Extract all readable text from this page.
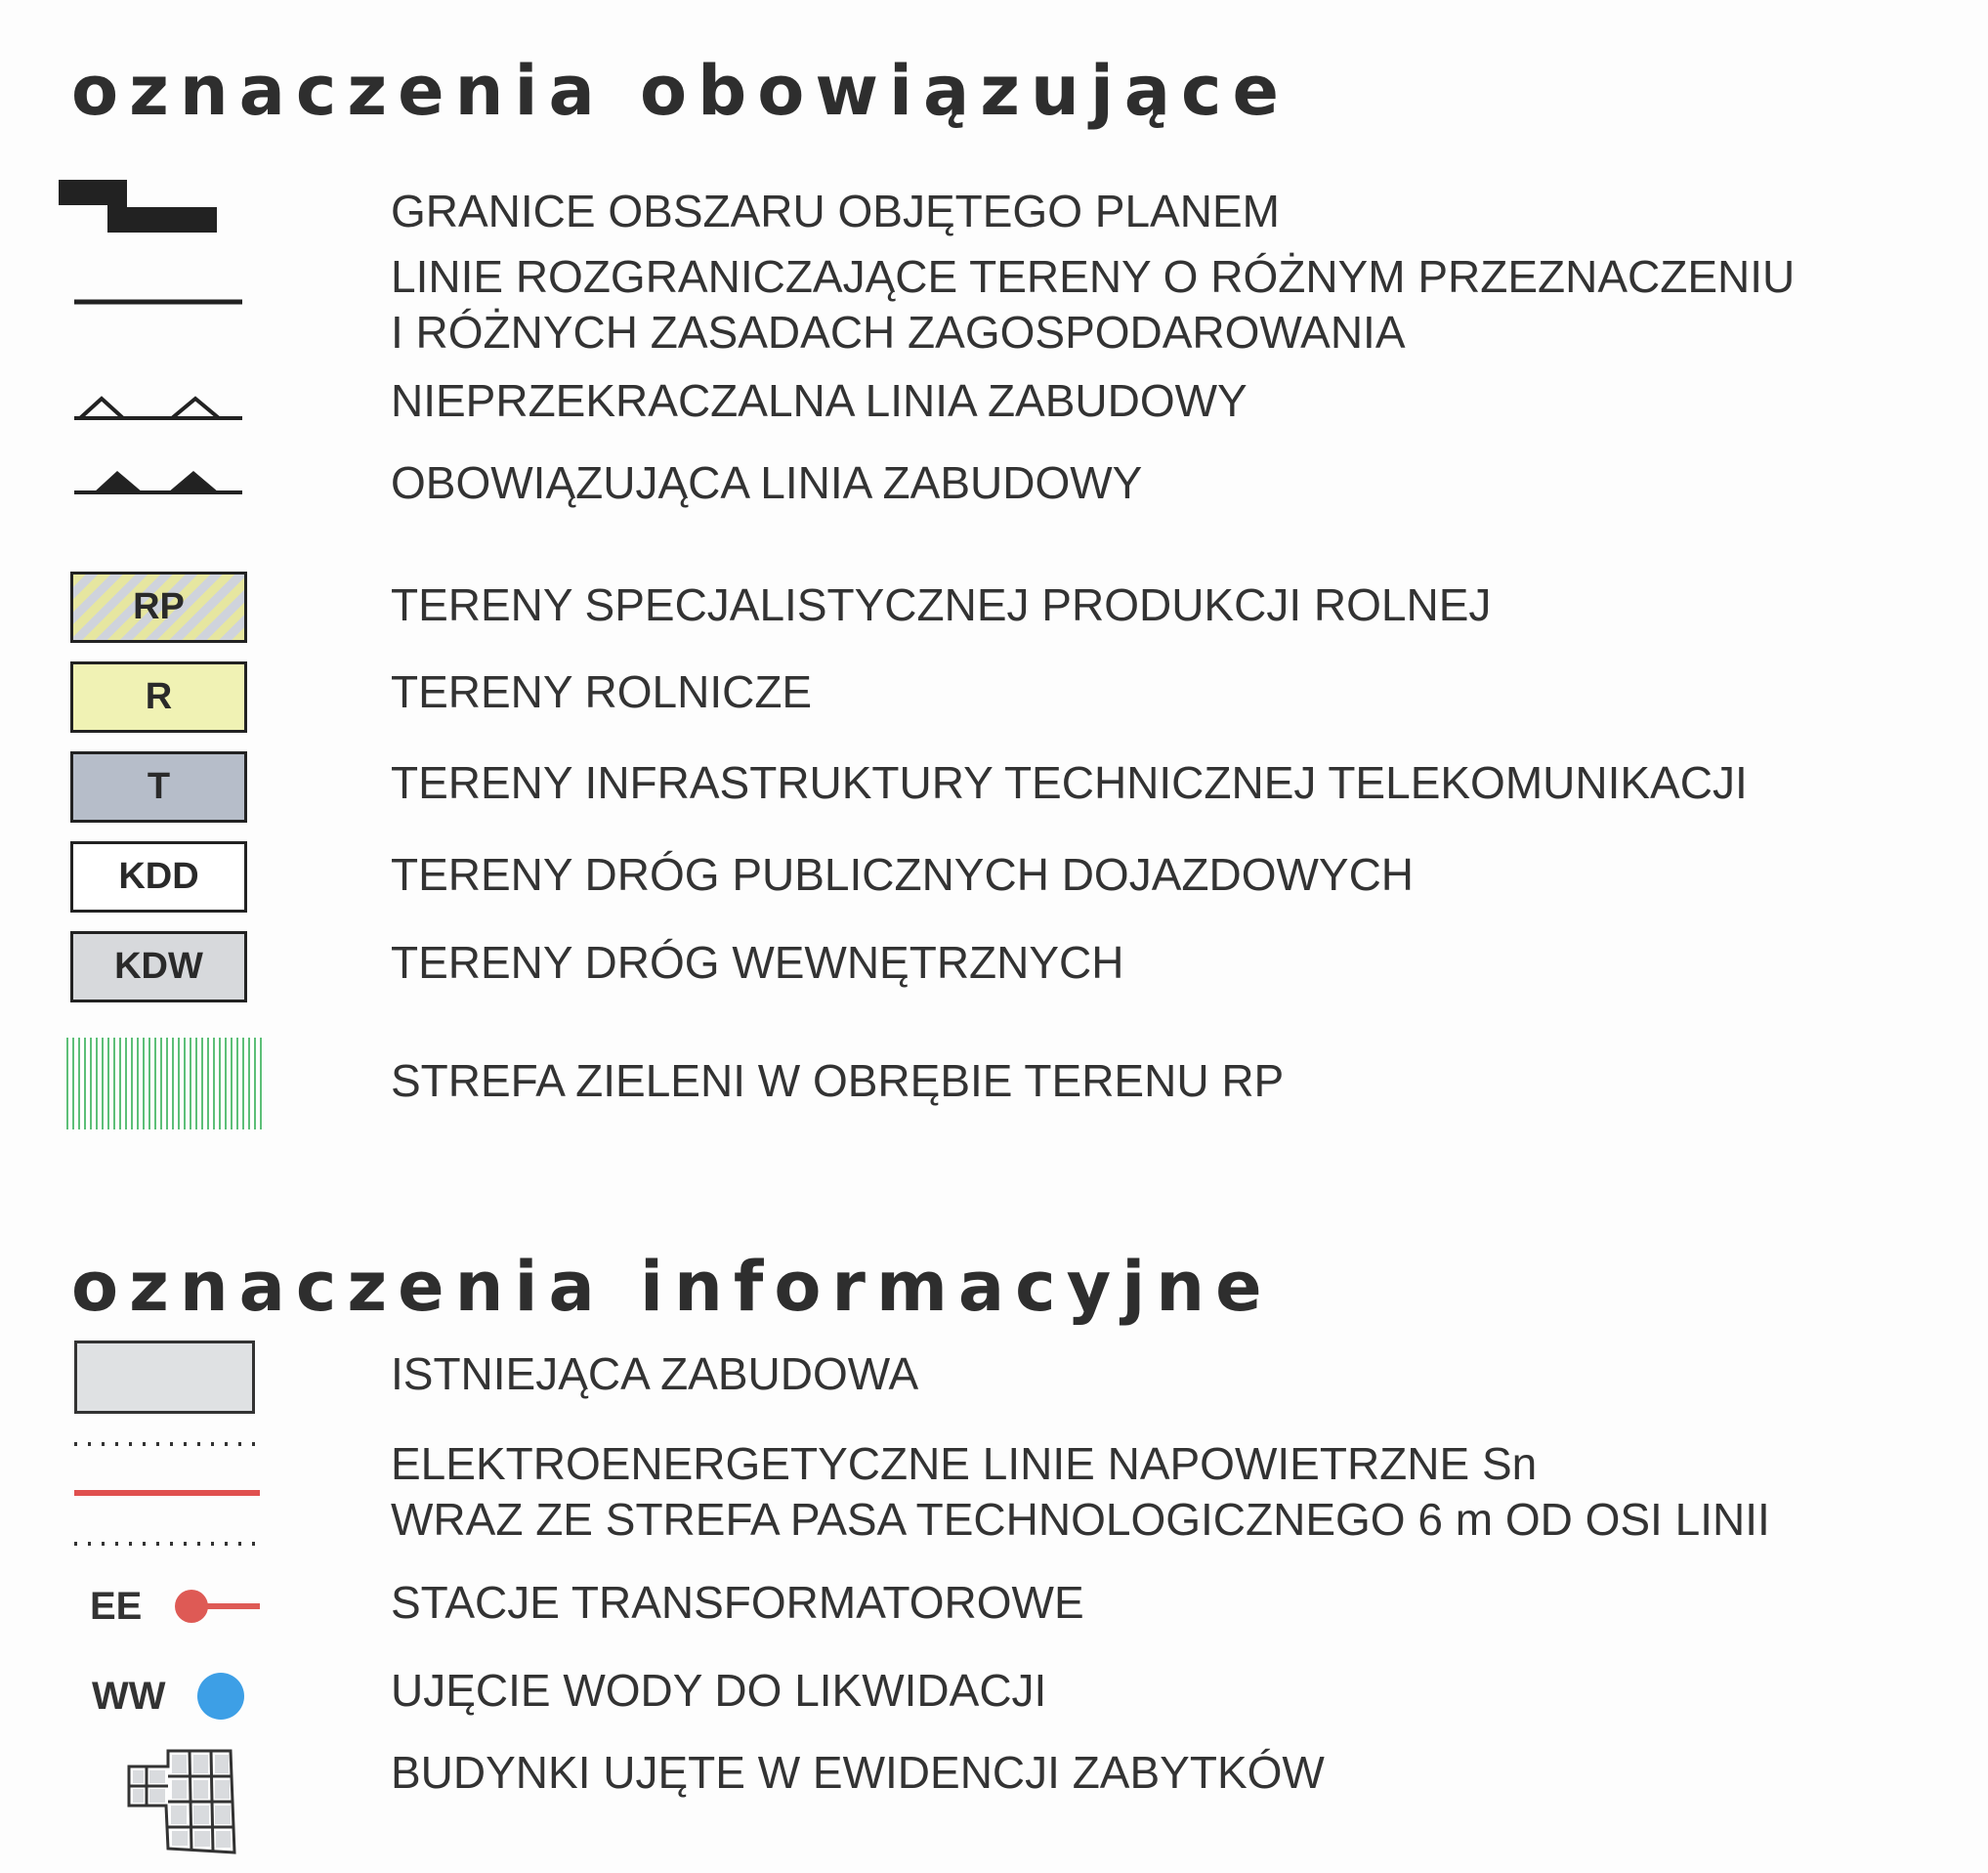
oznaczenia obowiązujące
GRANICE OBSZARU OBJĘTEGO PLANEM
LINIE ROZGRANICZAJĄCE TERENY O RÓŻNYM PRZEZNACZENIU
I RÓŻNYCH ZASADACH ZAGOSPODAROWANIA
NIEPRZEKRACZALNA LINIA ZABUDOWY
OBOWIĄZUJĄCA LINIA ZABUDOWY
RP	TERENY SPECJALISTYCZNEJ PRODUKCJI ROLNEJ
R	TERENY ROLNICZE
T	TERENY INFRASTRUKTURY TECHNICZNEJ TELEKOMUNIKACJI
KDD	TERENY DRÓG PUBLICZNYCH DOJAZDOWYCH
KDW	TERENY DRÓG WEWNĘTRZNYCH
STREFA ZIELENI W OBRĘBIE TERENU RP
oznaczenia informacyjne
ISTNIEJĄCA ZABUDOWA
ELEKTROENERGETYCZNE LINIE NAPOWIETRZNE Sn
WRAZ ZE STREFA PASA TECHNOLOGICZNEGO 6 m OD OSI LINII
EE	STACJE TRANSFORMATOROWE
WW	UJĘCIE WODY DO LIKWIDACJI
BUDYNKI UJĘTE W EWIDENCJI ZABYTKÓW
